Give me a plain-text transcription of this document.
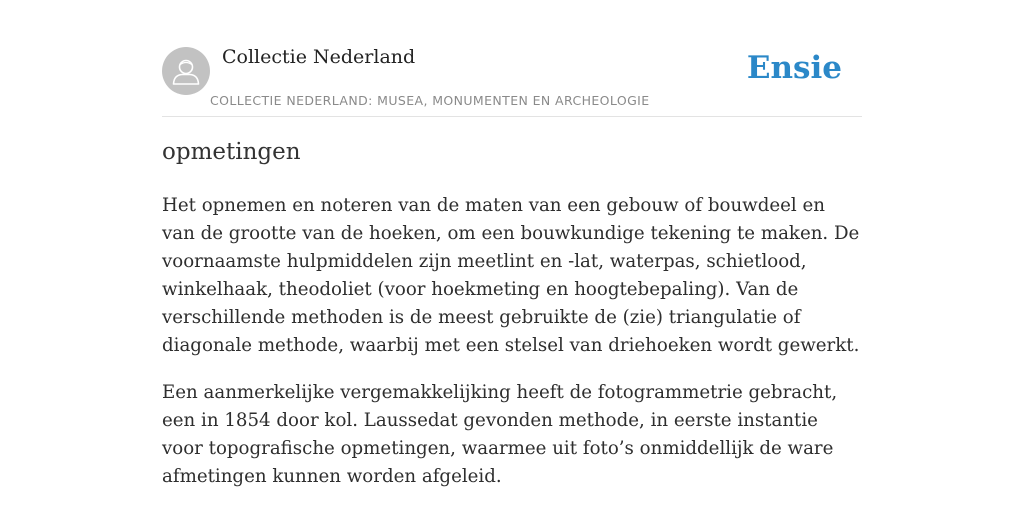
Collectie Nederland
COLLECTIE NEDERLAND: MUSEA, MONUMENTEN EN ARCHEOLOGIE
Ensie
opmetingen

Het opnemen en noteren van de maten van een gebouw of bouwdeel en van de grootte van de hoeken, om een bouwkundige tekening te maken. De voornaamste hulpmiddelen zijn meetlint en -lat, waterpas, schietlood, winkelhaak, theodoliet (voor hoekmeting en hoogtebepaling). Van de verschillende methoden is de meest gebruikte de (zie) triangulatie of diagonale methode, waarbij met een stelsel van driehoeken wordt gewerkt.

Een aanmerkelijke vergemakkelijking heeft de fotogrammetrie gebracht, een in 1854 door kol. Laussedat gevonden methode, in eerste instantie voor topografische opmetingen, waarmee uit foto’s onmiddellijk de ware afmetingen kunnen worden afgeleid.
